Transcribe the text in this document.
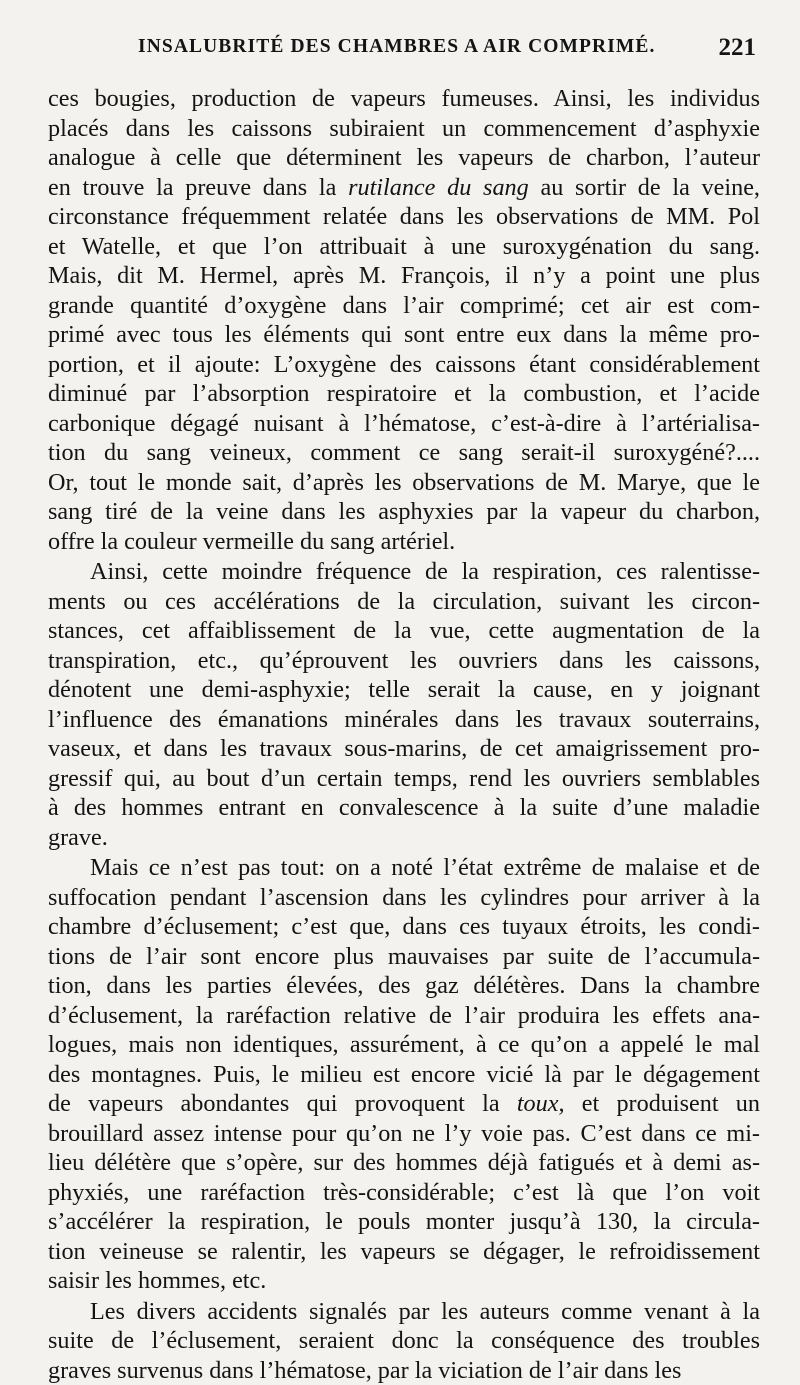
INSALUBRITÉ DES CHAMBRES A AIR COMPRIMÉ.	221

ces bougies, production de vapeurs fumeuses. Ainsi, les individus
placés dans les caissons subiraient un commencement d’asphyxie
analogue à celle que déterminent les vapeurs de charbon, l’auteur
en trouve la preuve dans la rutilance du sang au sortir de la veine,
circonstance fréquemment relatée dans les observations de MM. Pol
et Watelle, et que l’on attribuait à une suroxygénation du sang.
Mais, dit M. Hermel, après M. François, il n’y a point une plus
grande quantité d’oxygène dans l’air comprimé; cet air est com-
primé avec tous les éléments qui sont entre eux dans la même pro-
portion, et il ajoute: L’oxygène des caissons étant considérablement
diminué par l’absorption respiratoire et la combustion, et l’acide
carbonique dégagé nuisant à l’hématose, c’est-à-dire à l’artérialisa-
tion du sang veineux, comment ce sang serait-il suroxygéné?....
Or, tout le monde sait, d’après les observations de M. Marye, que le
sang tiré de la veine dans les asphyxies par la vapeur du charbon,
offre la couleur vermeille du sang artériel.

Ainsi, cette moindre fréquence de la respiration, ces ralentisse-
ments ou ces accélérations de la circulation, suivant les circon-
stances, cet affaiblissement de la vue, cette augmentation de la
transpiration, etc., qu’éprouvent les ouvriers dans les caissons,
dénotent une demi-asphyxie; telle serait la cause, en y joignant
l’influence des émanations minérales dans les travaux souterrains,
vaseux, et dans les travaux sous-marins, de cet amaigrissement pro-
gressif qui, au bout d’un certain temps, rend les ouvriers semblables
à des hommes entrant en convalescence à la suite d’une maladie
grave.

Mais ce n’est pas tout: on a noté l’état extrême de malaise et de
suffocation pendant l’ascension dans les cylindres pour arriver à la
chambre d’éclusement; c’est que, dans ces tuyaux étroits, les condi-
tions de l’air sont encore plus mauvaises par suite de l’accumula-
tion, dans les parties élevées, des gaz délétères. Dans la chambre
d’éclusement, la raréfaction relative de l’air produira les effets ana-
logues, mais non identiques, assurément, à ce qu’on a appelé le mal
des montagnes. Puis, le milieu est encore vicié là par le dégagement
de vapeurs abondantes qui provoquent la toux, et produisent un
brouillard assez intense pour qu’on ne l’y voie pas. C’est dans ce mi-
lieu délétère que s’opère, sur des hommes déjà fatigués et à demi as-
phyxiés, une raréfaction très-considérable; c’est là que l’on voit
s’accélérer la respiration, le pouls monter jusqu’à 130, la circula-
tion veineuse se ralentir, les vapeurs se dégager, le refroidissement
saisir les hommes, etc.

Les divers accidents signalés par les auteurs comme venant à la
suite de l’éclusement, seraient donc la conséquence des troubles
graves survenus dans l’hématose, par la viciation de l’air dans les
